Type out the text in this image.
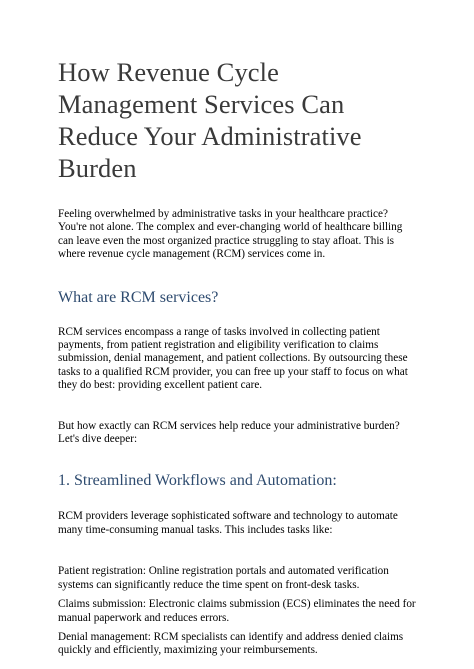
How Revenue Cycle Management Services Can Reduce Your Administrative Burden

Feeling overwhelmed by administrative tasks in your healthcare practice? You're not alone. The complex and ever-changing world of healthcare billing can leave even the most organized practice struggling to stay afloat. This is where revenue cycle management (RCM) services come in.

What are RCM services?

RCM services encompass a range of tasks involved in collecting patient payments, from patient registration and eligibility verification to claims submission, denial management, and patient collections. By outsourcing these tasks to a qualified RCM provider, you can free up your staff to focus on what they do best: providing excellent patient care.

But how exactly can RCM services help reduce your administrative burden? Let's dive deeper:

1. Streamlined Workflows and Automation:

RCM providers leverage sophisticated software and technology to automate many time-consuming manual tasks. This includes tasks like:

Patient registration: Online registration portals and automated verification systems can significantly reduce the time spent on front-desk tasks.

Claims submission: Electronic claims submission (ECS) eliminates the need for manual paperwork and reduces errors.

Denial management: RCM specialists can identify and address denied claims quickly and efficiently, maximizing your reimbursements.
